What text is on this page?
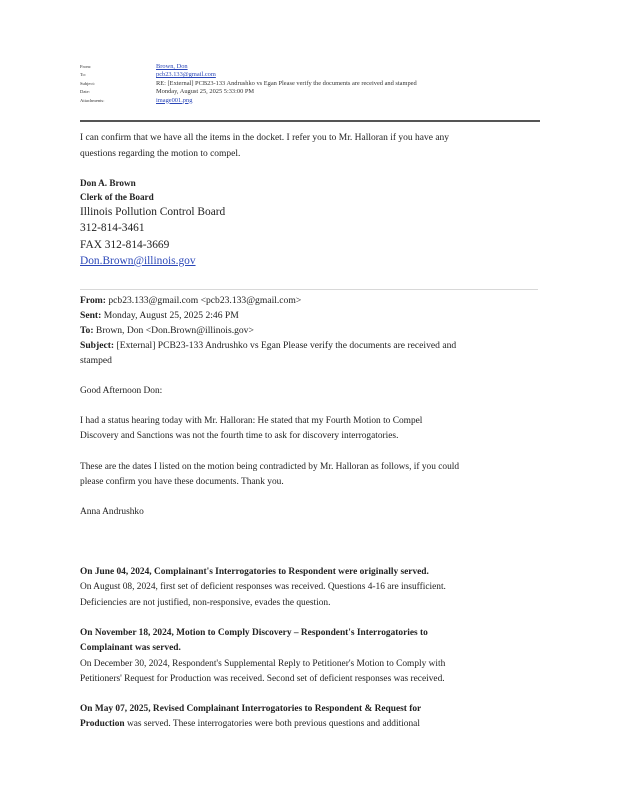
From:	Brown, Don
To:	pcb23.133@gmail.com
Subject:	RE: [External] PCB23-133 Andrushko vs Egan Please verify the documents are received and stamped
Date:	Monday, August 25, 2025 5:33:00 PM
Attachments:	image001.png
I can confirm that we have all the items in the docket. I refer you to Mr. Halloran if you have any
questions regarding the motion to compel.
Don A. Brown
Clerk of the Board
Illinois Pollution Control Board
312-814-3461
FAX 312-814-3669
Don.Brown@illinois.gov
From: pcb23.133@gmail.com <pcb23.133@gmail.com>
Sent: Monday, August 25, 2025 2:46 PM
To: Brown, Don <Don.Brown@illinois.gov>
Subject: [External] PCB23-133 Andrushko vs Egan Please verify the documents are received and
stamped
Good Afternoon Don:
I had a status hearing today with Mr. Halloran: He stated that my Fourth Motion to Compel
Discovery and Sanctions was not the fourth time to ask for discovery interrogatories.
These are the dates I listed on the motion being contradicted by Mr. Halloran as follows, if you could
please confirm you have these documents. Thank you.
Anna Andrushko
On June 04, 2024, Complainant's Interrogatories to Respondent were originally served.
On August 08, 2024, first set of deficient responses was received. Questions 4-16 are insufficient.
Deficiencies are not justified, non-responsive, evades the question.
On November 18, 2024, Motion to Comply Discovery – Respondent's Interrogatories to
Complainant was served.
On December 30, 2024, Respondent's Supplemental Reply to Petitioner's Motion to Comply with
Petitioners' Request for Production was received. Second set of deficient responses was received.
On May 07, 2025, Revised Complainant Interrogatories to Respondent & Request for
Production was served. These interrogatories were both previous questions and additional
